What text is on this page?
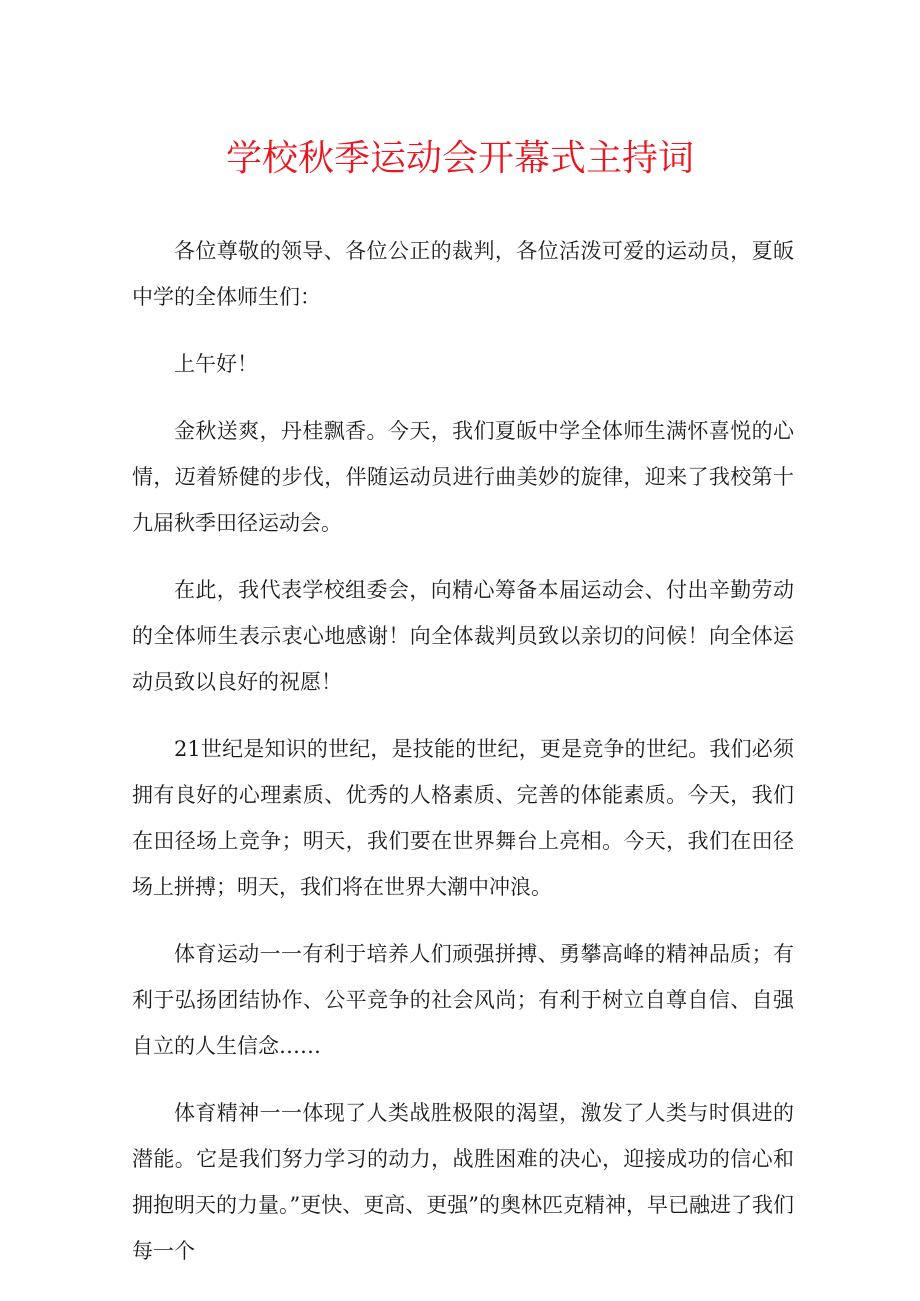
学校秋季运动会开幕式主持词

各位尊敬的领导、各位公正的裁判，各位活泼可爱的运动员，夏皈中学的全体师生们：

上午好！

金秋送爽，丹桂飘香。今天，我们夏皈中学全体师生满怀喜悦的心情，迈着矫健的步伐，伴随运动员进行曲美妙的旋律，迎来了我校第十九届秋季田径运动会。

在此，我代表学校组委会，向精心筹备本届运动会、付出辛勤劳动的全体师生表示衷心地感谢！向全体裁判员致以亲切的问候！向全体运动员致以良好的祝愿！

21世纪是知识的世纪，是技能的世纪，更是竞争的世纪。我们必须拥有良好的心理素质、优秀的人格素质、完善的体能素质。今天，我们在田径场上竞争；明天，我们要在世界舞台上亮相。今天，我们在田径场上拼搏；明天，我们将在世界大潮中冲浪。

体育运动一一有利于培养人们顽强拼搏、勇攀高峰的精神品质；有利于弘扬团结协作、公平竞争的社会风尚；有利于树立自尊自信、自强自立的人生信念……

体育精神一一体现了人类战胜极限的渴望，激发了人类与时俱进的潜能。它是我们努力学习的动力，战胜困难的决心，迎接成功的信心和拥抱明天的力量。”更快、更高、更强”的奥林匹克精神，早已融进了我们每一个
